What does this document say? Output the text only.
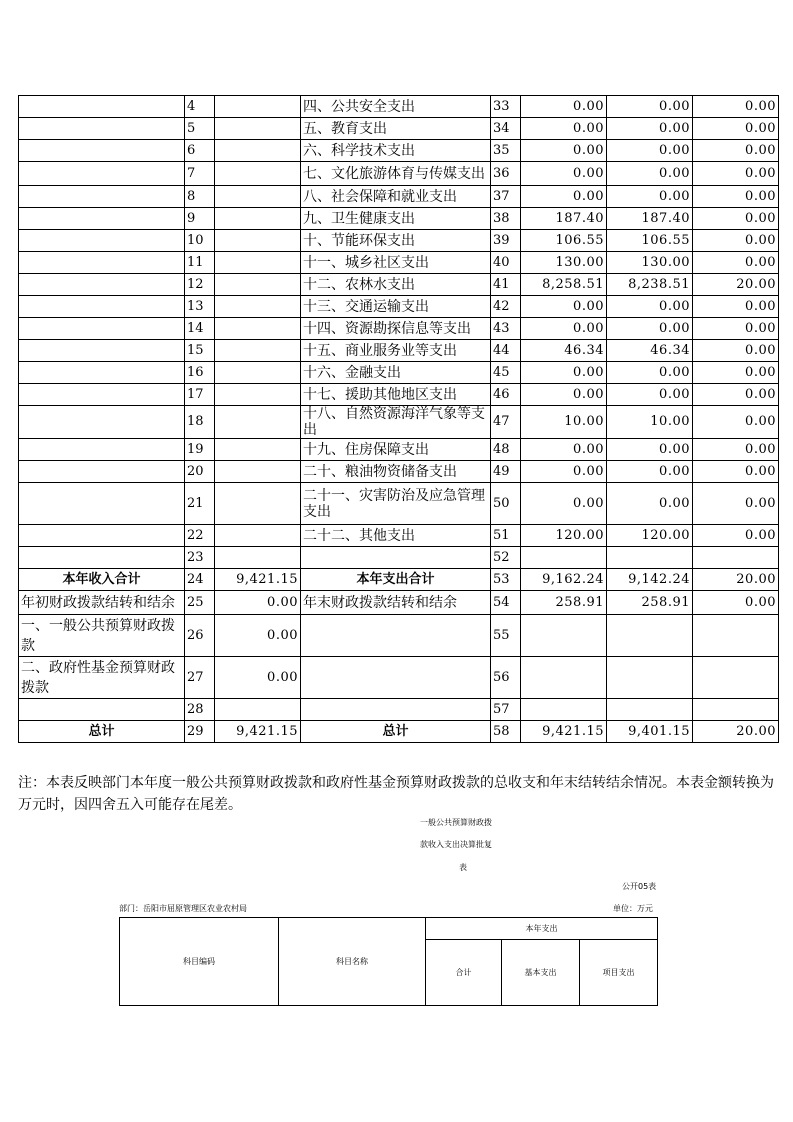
	4		四、公共安全支出	33	0.00	0.00	0.00
	5		五、教育支出	34	0.00	0.00	0.00
	6		六、科学技术支出	35	0.00	0.00	0.00
	7		七、文化旅游体育与传媒支出	36	0.00	0.00	0.00
	8		八、社会保障和就业支出	37	0.00	0.00	0.00
	9		九、卫生健康支出	38	187.40	187.40	0.00
	10		十、节能环保支出	39	106.55	106.55	0.00
	11		十一、城乡社区支出	40	130.00	130.00	0.00
	12		十二、农林水支出	41	8,258.51	8,238.51	20.00
	13		十三、交通运输支出	42	0.00	0.00	0.00
	14		十四、资源勘探信息等支出	43	0.00	0.00	0.00
	15		十五、商业服务业等支出	44	46.34	46.34	0.00
	16		十六、金融支出	45	0.00	0.00	0.00
	17		十七、援助其他地区支出	46	0.00	0.00	0.00
	18		十八、自然资源海洋气象等支出	47	10.00	10.00	0.00
	19		十九、住房保障支出	48	0.00	0.00	0.00
	20		二十、粮油物资储备支出	49	0.00	0.00	0.00
	21		二十一、灾害防治及应急管理支出	50	0.00	0.00	0.00
	22		二十二、其他支出	51	120.00	120.00	0.00
	23			52			
本年收入合计	24	9,421.15	本年支出合计	53	9,162.24	9,142.24	20.00
年初财政拨款结转和结余	25	0.00	年末财政拨款结转和结余	54	258.91	258.91	0.00
一、一般公共预算财政拨款	26	0.00		55			
二、政府性基金预算财政拨款	27	0.00		56			
	28			57			
总计	29	9,421.15	总计	58	9,421.15	9,401.15	20.00
注：本表反映部门本年度一般公共预算财政拨款和政府性基金预算财政拨款的总收支和年末结转结余情况。本表金额转换为万元时，因四舍五入可能存在尾差。
一般公共预算财政拨
款收入支出决算批复
表
公开05表
部门：岳阳市屈原管理区农业农村局	单位：万元
科目编码	科目名称	本年支出		
		合计	基本支出	项目支出
